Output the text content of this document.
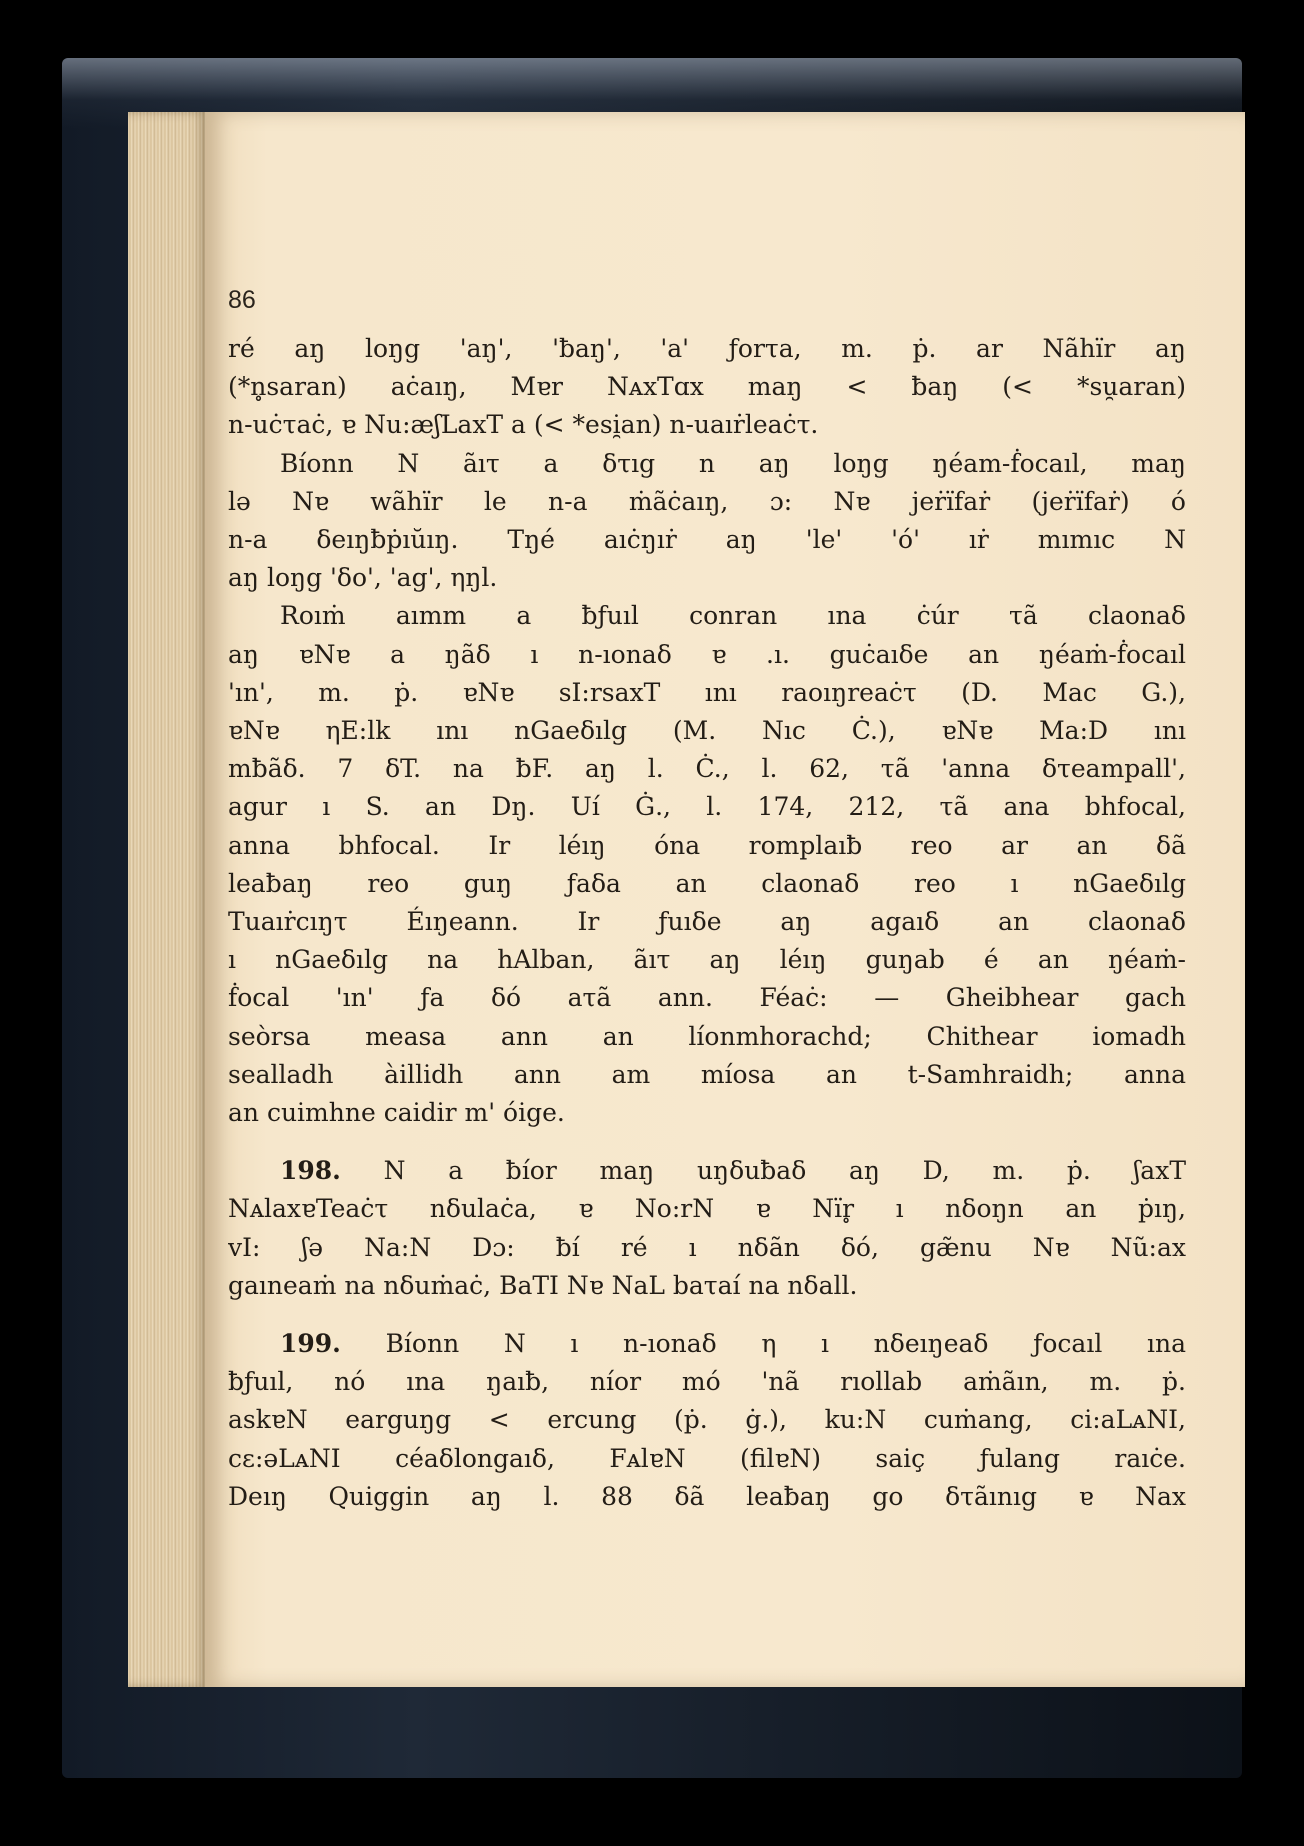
86
ré aŋ loŋg 'aŋ', 'ƀaŋ', 'a' ƒorτa, m. ṗ. ar Nãhïr aŋ
(*n̥saran) aċaıŋ, Mɐr NᴀxTɑx maŋ < ƀaŋ (< *su̯aran)
n-uċτaċ, ɐ Nu:æʃLaxT a (< *esi̯an) n-uaıṙleaċτ.
Bíonn N ãıτ a δτıg n aŋ loŋg ŋéam-ḟocaıl, maŋ
lə Nɐ wãhïr le n-a ṁãċaıŋ, ɔ: Nɐ jeṙïfaṙ (jeṙïfaṙ) ó
n-a δeıŋƀṗıŭıŋ. Tŋé aıċŋıṙ aŋ 'le' 'ó' ıṙ mımıc N
aŋ loŋg 'δo', 'ag', ηŋl.
Roıṁ aımm a ƀƒuıl conran ına ċúr τã claonaδ
aŋ ɐNɐ a ŋãδ ı n-ıonaδ ɐ .ı. guċaıδe an ŋéaṁ-ḟocaıl
'ın', m. ṗ. ɐNɐ sI:rsaxT ını raoıŋreaċτ (D. Mac G.),
ɐNɐ ηE:lk ını nGaeδılg (M. Nıc Ċ.), ɐNɐ Ma:D ını
mƀãδ. 7 δT. na ƀF. aŋ l. Ċ., l. 62, τã 'anna δτeampall',
agur ı S. an Dŋ. Uí Ġ., l. 174, 212, τã ana bhfocal,
anna bhfocal. Ir léıŋ óna romplaıƀ reo ar an δã
leaƀaŋ reo guŋ ƒaδa an claonaδ reo ı nGaeδılg
Tuaıṙcıŋτ Éıŋeann. Ir ƒuıδe aŋ agaıδ an claonaδ
ı nGaeδılg na hAlban, ãıτ aŋ léıŋ guŋab é an ŋéaṁ-
ḟocal 'ın' ƒa δó aτã ann. Féaċ: — Gheibhear gach
seòrsa measa ann an líonmhorachd; Chithear iomadh
sealladh àillidh ann am míosa an t-Samhraidh; anna
an cuimhne caidir m' óige.
198. N a ƀíor maŋ uŋδuƀaδ aŋ D, m. ṗ. ʃaxT
NᴀlaxɐTeaċτ nδulaċa, ɐ No:rN ɐ Nïr̥ ı nδoŋn an ṗıŋ,
vI: ʃə Na:N Dɔ: ƀí ré ı nδãn δó, gæ̃nu Nɐ Nũ:ax
gaıneaṁ na nδuṁaċ, BaTI Nɐ NaL baτaí na nδall.
199. Bíonn N ı n-ıonaδ η ı nδeıŋeaδ ƒocaıl ına
ƀƒuıl, nó ına ŋaıƀ, níor mó 'nã rıollab aṁãın, m. ṗ.
askɐN earguŋg < ercung (ṗ. ġ.), ku:N cuṁang, ci:aLᴀNI,
cɛ:əLᴀNI céaδlongaıδ, FᴀlɐN (filɐN) saiç ƒulang raıċe.
Deıŋ Quiggin aŋ l. 88 δã leaƀaŋ go δτãınıg ɐ Nax
